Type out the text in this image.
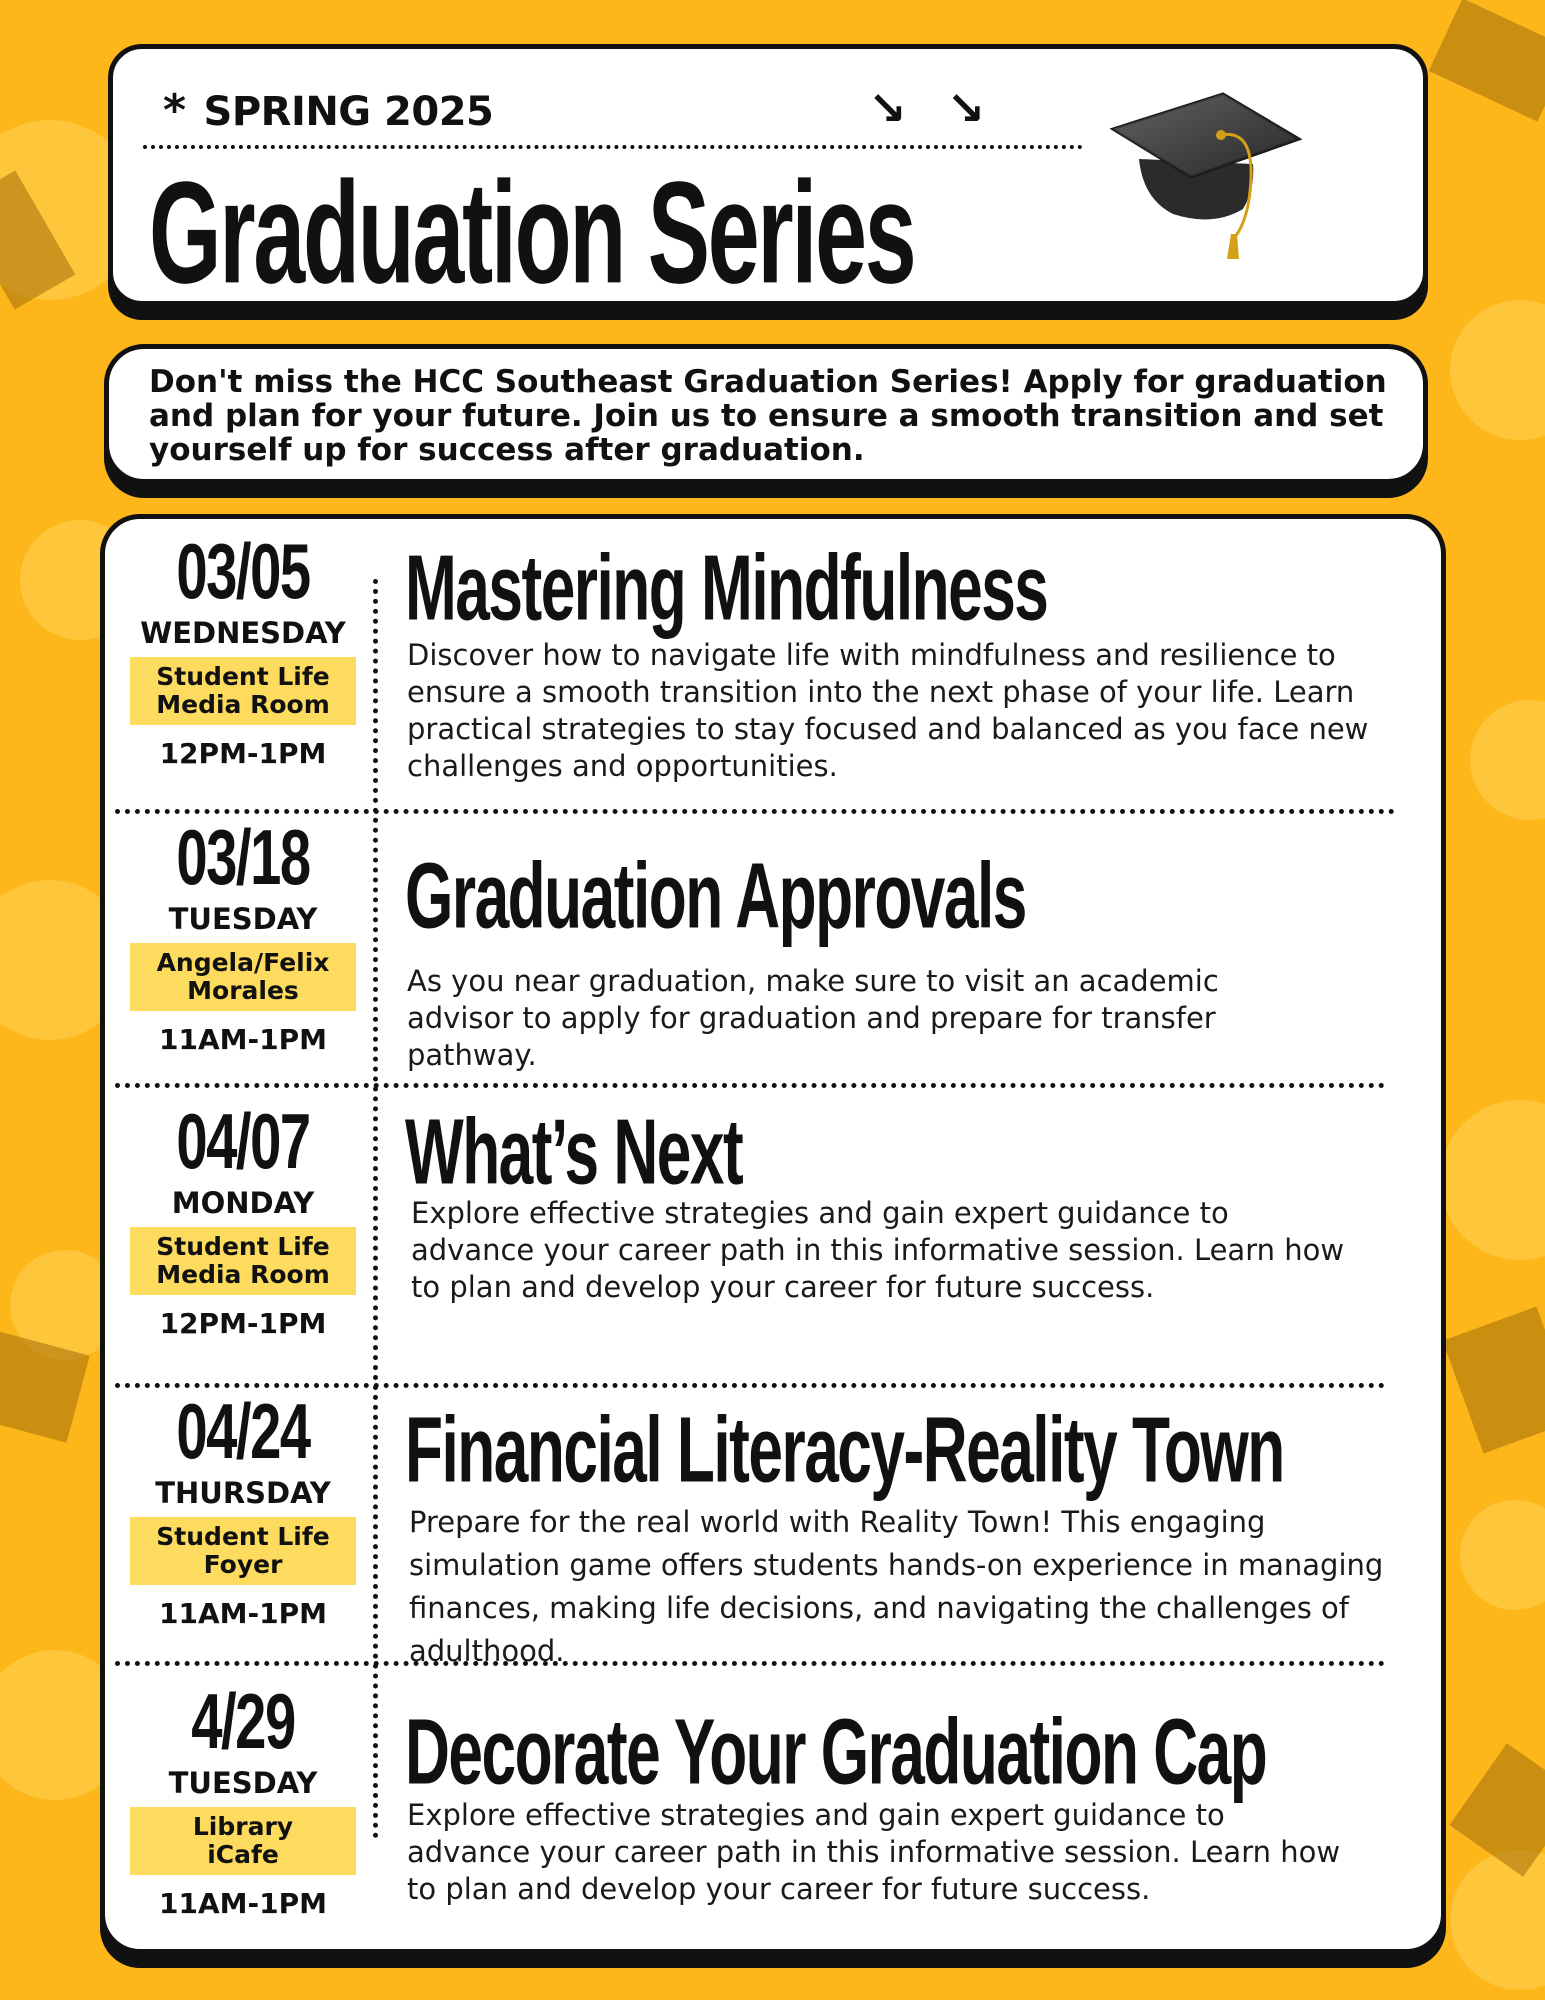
* SPRING 2025	↘ ↘
Graduation Series

Don't miss the HCC Southeast Graduation Series! Apply for graduation and plan for your future. Join us to ensure a smooth transition and set yourself up for success after graduation.

03/05
WEDNESDAY
Student Life
Media Room
12PM-1PM
Mastering Mindfulness

Discover how to navigate life with mindfulness and resilience to ensure a smooth transition into the next phase of your life. Learn practical strategies to stay focused and balanced as you face new challenges and opportunities.

03/18
TUESDAY
Angela/Felix
Morales
11AM-1PM
Graduation Approvals

As you near graduation, make sure to visit an academic advisor to apply for graduation and prepare for transfer pathway.

04/07
MONDAY
Student Life
Media Room
12PM-1PM
What’s Next

Explore effective strategies and gain expert guidance to advance your career path in this informative session. Learn how to plan and develop your career for future success.

04/24
THURSDAY
Student Life
Foyer
11AM-1PM
Financial Literacy-Reality Town

Prepare for the real world with Reality Town! This engaging simulation game offers students hands-on experience in managing finances, making life decisions, and navigating the challenges of adulthood.

4/29
TUESDAY
Library
iCafe
11AM-1PM
Decorate Your Graduation Cap

Explore effective strategies and gain expert guidance to advance your career path in this informative session. Learn how to plan and develop your career for future success.
